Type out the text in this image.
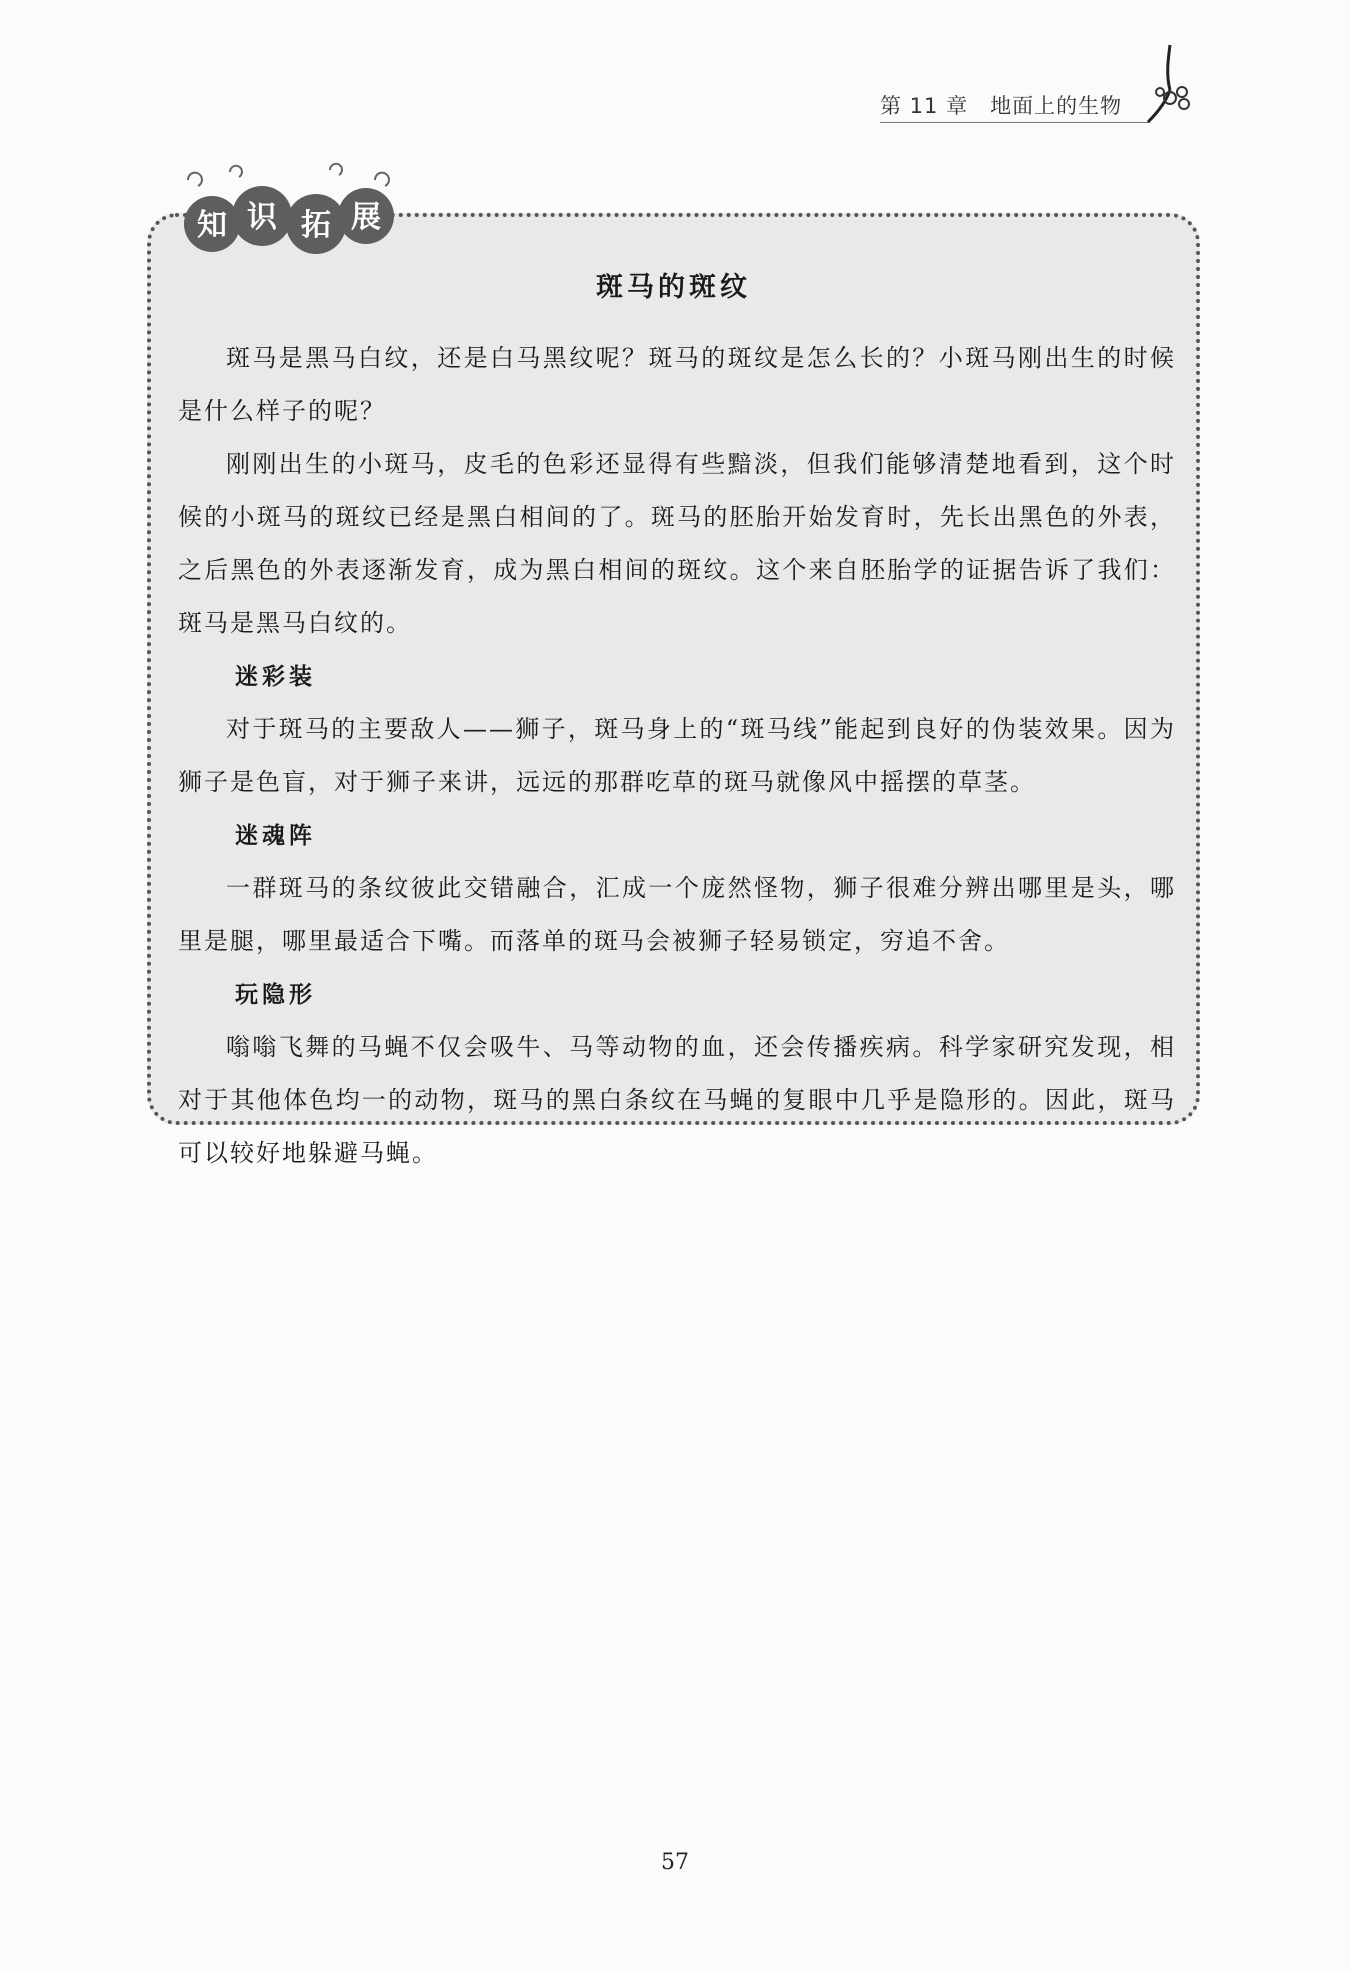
第 11 章　地面上的生物
知 识 拓 展
斑马的斑纹

斑马是黑马白纹，还是白马黑纹呢？斑马的斑纹是怎么长的？小斑马刚出生的时候是什么样子的呢？

刚刚出生的小斑马，皮毛的色彩还显得有些黯淡，但我们能够清楚地看到，这个时候的小斑马的斑纹已经是黑白相间的了。斑马的胚胎开始发育时，先长出黑色的外表，之后黑色的外表逐渐发育，成为黑白相间的斑纹。这个来自胚胎学的证据告诉了我们：斑马是黑马白纹的。

迷彩装

对于斑马的主要敌人——狮子，斑马身上的“斑马线”能起到良好的伪装效果。因为狮子是色盲，对于狮子来讲，远远的那群吃草的斑马就像风中摇摆的草茎。

迷魂阵

一群斑马的条纹彼此交错融合，汇成一个庞然怪物，狮子很难分辨出哪里是头，哪里是腿，哪里最适合下嘴。而落单的斑马会被狮子轻易锁定，穷追不舍。

玩隐形

嗡嗡飞舞的马蝇不仅会吸牛、马等动物的血，还会传播疾病。科学家研究发现，相对于其他体色均一的动物，斑马的黑白条纹在马蝇的复眼中几乎是隐形的。因此，斑马可以较好地躲避马蝇。

57
